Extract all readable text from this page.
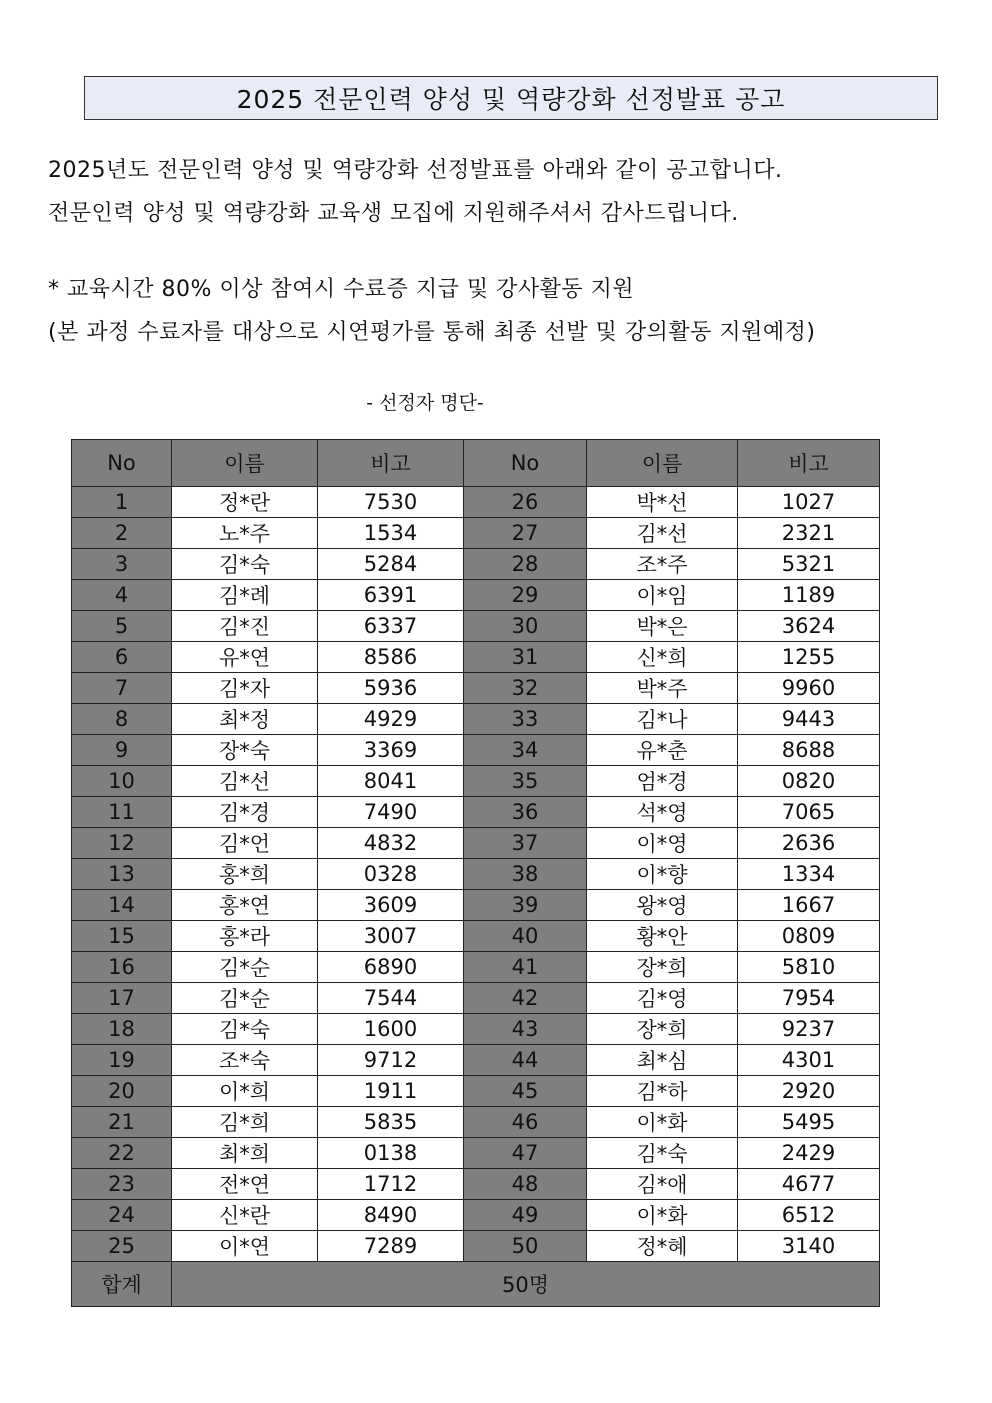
2025 전문인력 양성 및 역량강화 선정발표 공고
2025년도 전문인력 양성 및 역량강화 선정발표를 아래와 같이 공고합니다.
전문인력 양성 및 역량강화 교육생 모집에 지원해주셔서 감사드립니다.
* 교육시간 80% 이상 참여시 수료증 지급 및 강사활동 지원
(본 과정 수료자를 대상으로 시연평가를 통해 최종 선발 및 강의활동 지원예정)
- 선정자 명단-
No	이름	비고	No	이름	비고
1	정*란	7530	26	박*선	1027
2	노*주	1534	27	김*선	2321
3	김*숙	5284	28	조*주	5321
4	김*례	6391	29	이*임	1189
5	김*진	6337	30	박*은	3624
6	유*연	8586	31	신*희	1255
7	김*자	5936	32	박*주	9960
8	최*정	4929	33	김*나	9443
9	장*숙	3369	34	유*춘	8688
10	김*선	8041	35	엄*경	0820
11	김*경	7490	36	석*영	7065
12	김*언	4832	37	이*영	2636
13	홍*희	0328	38	이*향	1334
14	홍*연	3609	39	왕*영	1667
15	홍*라	3007	40	황*안	0809
16	김*순	6890	41	장*희	5810
17	김*순	7544	42	김*영	7954
18	김*숙	1600	43	장*희	9237
19	조*숙	9712	44	최*심	4301
20	이*희	1911	45	김*하	2920
21	김*희	5835	46	이*화	5495
22	최*희	0138	47	김*숙	2429
23	전*연	1712	48	김*애	4677
24	신*란	8490	49	이*화	6512
25	이*연	7289	50	정*혜	3140
합계	50명				
